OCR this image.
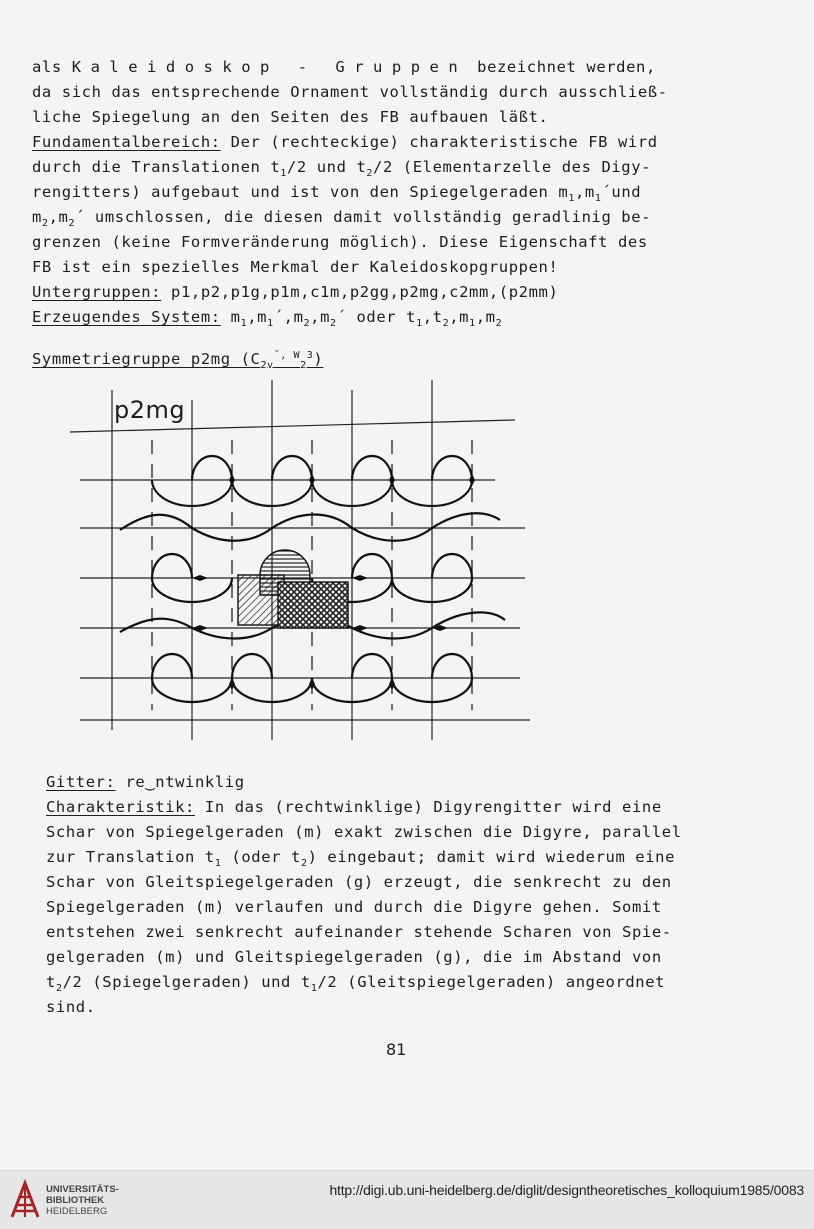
als Kaleidoskop - Gruppen bezeichnet werden,
da sich das entsprechende Ornament vollständig durch ausschließ-
liche Spiegelung an den Seiten des FB aufbauen läßt.
Fundamentalbereich: Der (rechteckige) charakteristische FB wird
durch die Translationen $t_1/2$ und $t_2/2$ (Elementarzelle des Digy-
rengitters) aufgebaut und ist von den Spiegelgeraden $m_1,m_1´und$
$m_2,m_2´$ umschlossen, die diesen damit vollständig geradlinig be-
grenzen (keine Formveränderung möglich). Diese Eigenschaft des
FB ist ein spezielles Merkmal der Kaleidoskopgruppen!
Untergruppen: p1,p2,p1g,p1m,c1m,p2gg,p2mg,c2mm,(p2mm)
Erzeugendes System: $m_1,m_1´,m_2,m_2´$ oder $t_1,t_2,m_1,m_2$
Symmetriegruppe p2mg $(C_{2v}^{˘, W}_2^3)$
p2mg
Gitter: re‿ntwinklig
Charakteristik: In das (rechtwinklige) Digyrengitter wird eine
Schar von Spiegelgeraden (m) exakt zwischen die Digyre, parallel
zur Translation $t_1$ (oder $t_2$) eingebaut; damit wird wiederum eine
Schar von Gleitspiegelgeraden (g) erzeugt, die senkrecht zu den
Spiegelgeraden (m) verlaufen und durch die Digyre gehen. Somit
entstehen zwei senkrecht aufeinander stehende Scharen von Spie-
gelgeraden (m) und Gleitspiegelgeraden (g), die im Abstand von
$t_2/2$ (Spiegelgeraden) und $t_1/2$ (Gleitspiegelgeraden) angeordnet
sind.
81
UNIVERSITÄTS-
BIBLIOTHEK
HEIDELBERG
http://digi.ub.uni-heidelberg.de/diglit/designtheoretisches_kolloquium1985/0083
